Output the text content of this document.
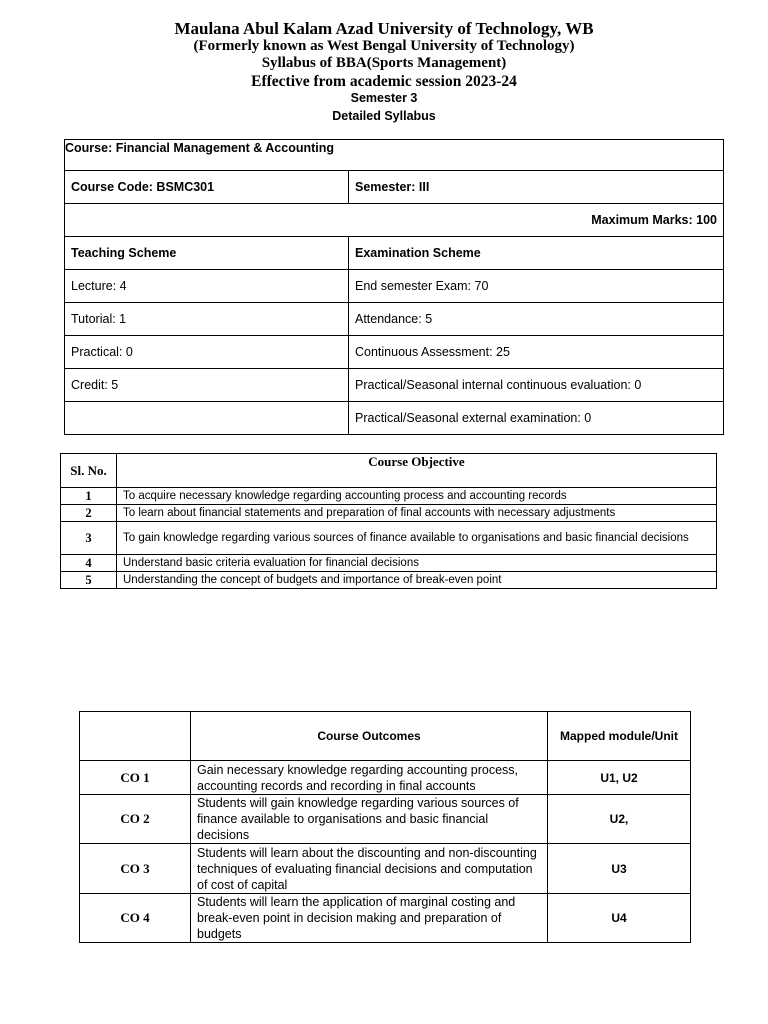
Maulana Abul Kalam Azad University of Technology, WB
(Formerly known as West Bengal University of Technology)
Syllabus of BBA(Sports Management)
Effective from academic session 2023-24
Semester 3
Detailed Syllabus
Course: Financial Management & Accounting	
Course Code: BSMC301	Semester: III
Maximum Marks: 100	
Teaching Scheme	Examination Scheme
Lecture: 4	End semester Exam: 70
Tutorial: 1	Attendance: 5
Practical: 0	Continuous Assessment: 25
Credit: 5	Practical/Seasonal internal continuous evaluation: 0
	Practical/Seasonal external examination: 0
Sl. No.	Course Objective
1	To acquire necessary knowledge regarding accounting process and accounting records
2	To learn about financial statements and preparation of final accounts with necessary adjustments
3	To gain knowledge regarding various sources of finance available to organisations and basic financial decisions
4	Understand basic criteria evaluation for financial decisions
5	Understanding the concept of budgets and importance of break-even point
	Course Outcomes	Mapped module/Unit
CO 1	Gain necessary knowledge regarding accounting process, accounting records and recording in final accounts	U1, U2
CO 2	Students will gain knowledge regarding various sources of finance available to organisations and basic financial decisions	U2,
CO 3	Students will learn about the discounting and non-discounting techniques of evaluating financial decisions and computation of cost of capital	U3
CO 4	Students will learn the application of marginal costing and break-even point in decision making and preparation of budgets	U4
